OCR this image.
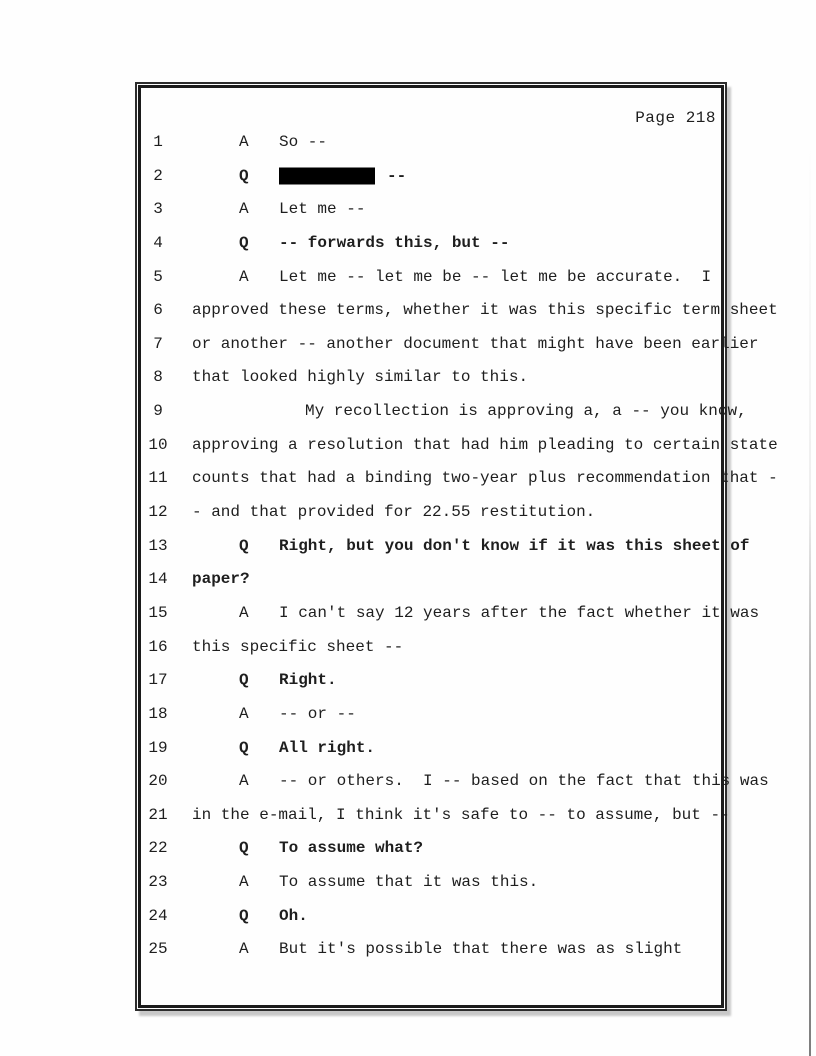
Page 218
1	A So --
2	Q	--
3	A Let me --
4	Q -- forwards this, but --
5	A Let me -- let me be -- let me be accurate.  I
6	approved these terms, whether it was this specific term sheet
7	or another -- another document that might have been earlier
8	that looked highly similar to this.
9	My recollection is approving a, a -- you know,
10	approving a resolution that had him pleading to certain state
11	counts that had a binding two-year plus recommendation that -
12	- and that provided for 22.55 restitution.
13	Q Right, but you don't know if it was this sheet of
14	paper?
15	A I can't say 12 years after the fact whether it was
16	this specific sheet --
17	Q Right.
18	A -- or --
19	Q All right.
20	A -- or others.  I -- based on the fact that this was
21	in the e-mail, I think it's safe to -- to assume, but --
22	Q To assume what?
23	A To assume that it was this.
24	Q Oh.
25	A But it's possible that there was as slight
